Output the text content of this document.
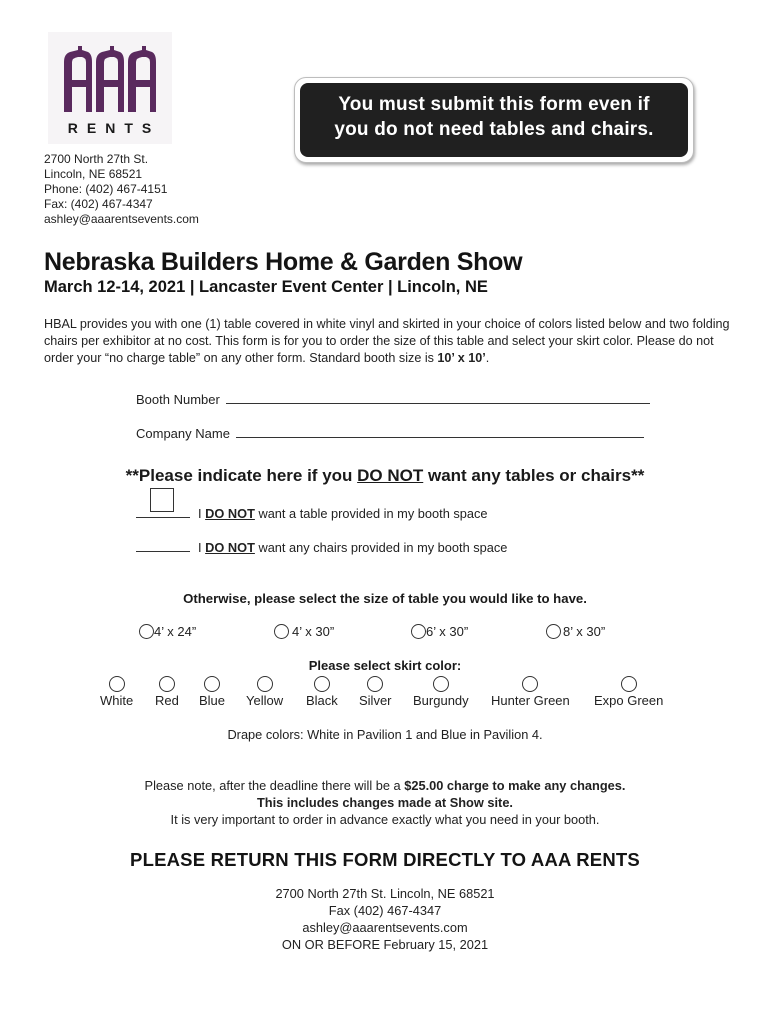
RENTS
2700 North 27th St.
Lincoln, NE 68521
Phone: (402) 467-4151
Fax: (402) 467-4347
ashley@aaarentsevents.com
You must submit this form even if
you do not need tables and chairs.
Nebraska Builders Home & Garden Show
March 12-14, 2021 | Lancaster Event Center | Lincoln, NE
HBAL provides you with one (1) table covered in white vinyl and skirted in your choice of colors listed below and two folding chairs per exhibitor at no cost. This form is for you to order the size of this table and select your skirt color. Please do not order your “no charge table” on any other form. Standard booth size is 10’ x 10’.
Booth Number
Company Name
**Please indicate here if you DO NOT want any tables or chairs**
I DO NOT want a table provided in my booth space
I DO NOT want any chairs provided in my booth space
Otherwise, please select the size of table you would like to have.
4’ x 24”	4’ x 30”	6’ x 30”	8’ x 30”
Please select skirt color:
White Red Blue Yellow Black Silver Burgundy Hunter Green Expo Green
Drape colors: White in Pavilion 1 and Blue in Pavilion 4.
Please note, after the deadline there will be a $25.00 charge to make any changes.
This includes changes made at Show site.
It is very important to order in advance exactly what you need in your booth.
PLEASE RETURN THIS FORM DIRECTLY TO AAA RENTS
2700 North 27th St. Lincoln, NE 68521
Fax (402) 467-4347
ashley@aaarentsevents.com
ON OR BEFORE February 15, 2021
